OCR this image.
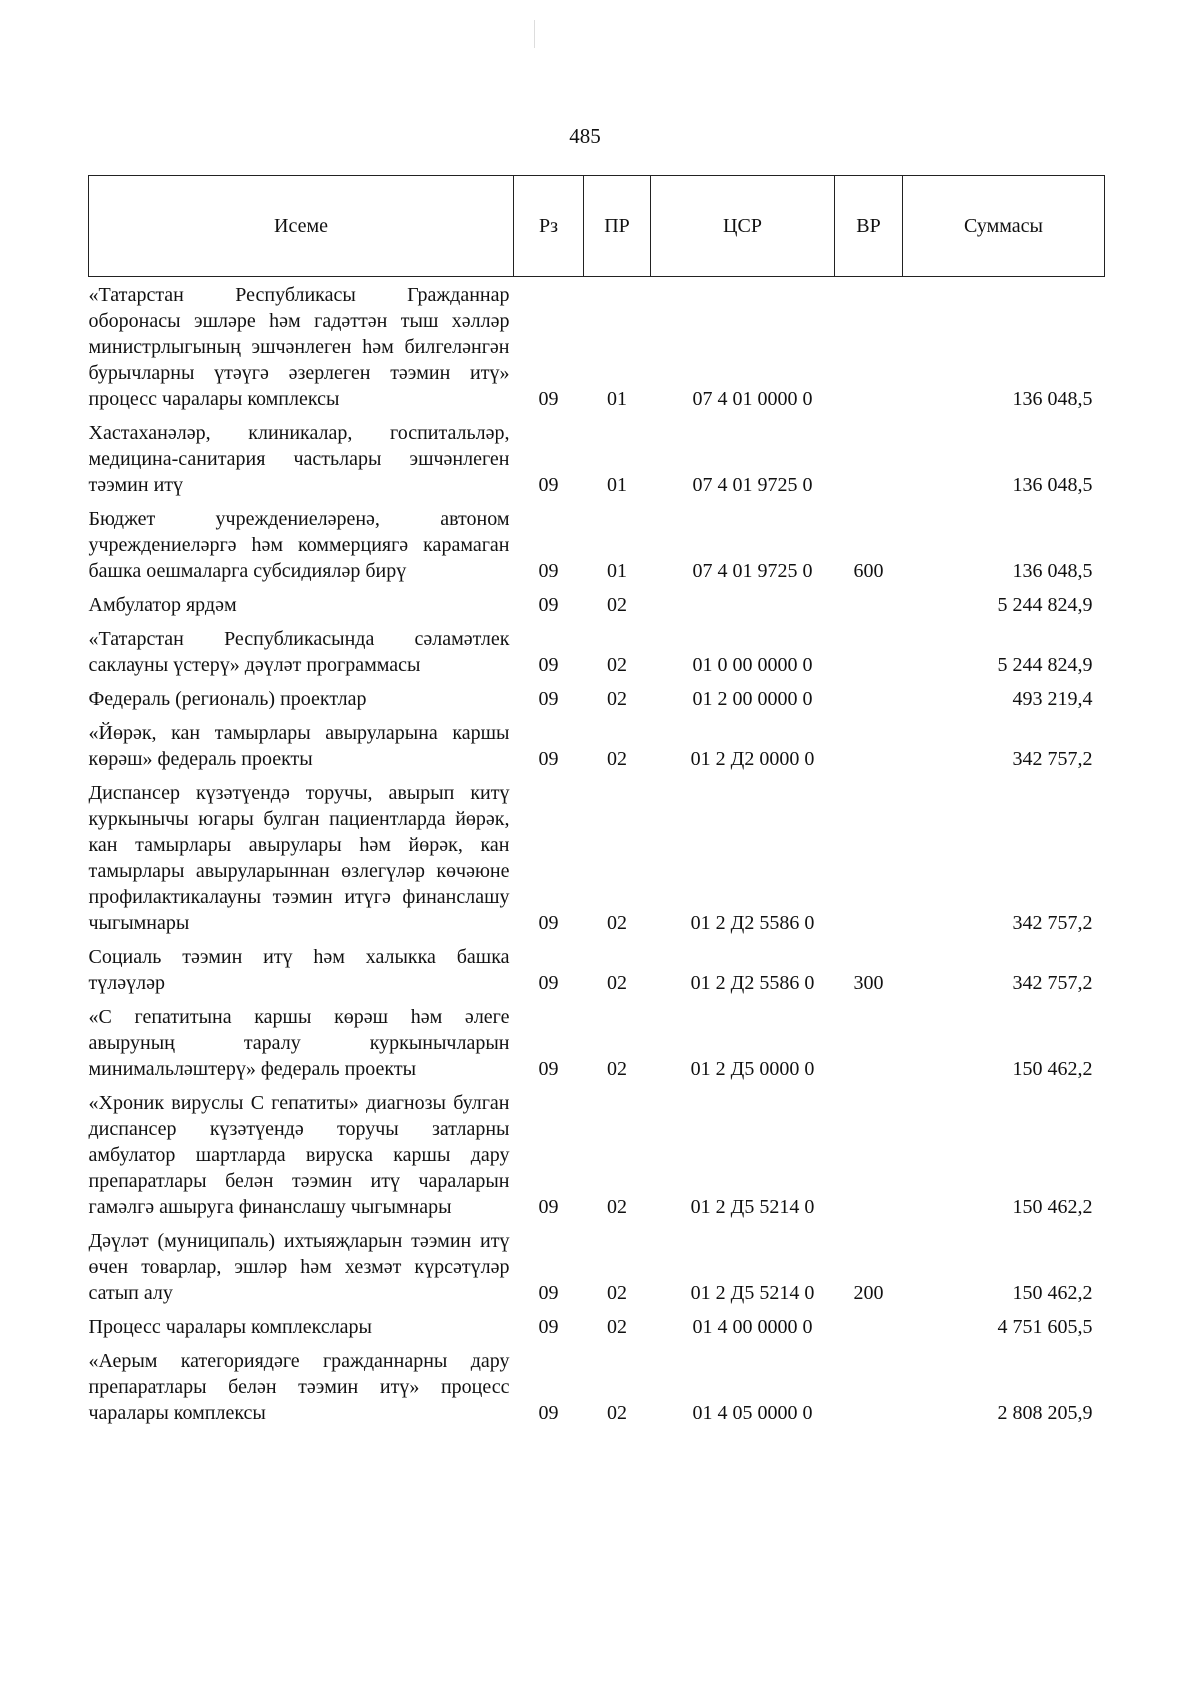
485
Исеме	Рз	ПР	ЦСР	ВР	Суммасы
«Татарстан Республикасы Гражданнар оборонасы эшләре һәм гадәттән тыш хәлләр министрлыгының эшчәнлеген һәм билгеләнгән бурычларны үтәүгә әзерлеген тәэмин итү» процесс чаралары комплексы	09	01	07 4 01 0000 0		136 048,5
Хастаханәләр, клиникалар, госпитальләр, медицина-санитария частьлары эшчәнлеген тәэмин итү	09	01	07 4 01 9725 0		136 048,5
Бюджет учреждениеләренә, автоном учреждениеләргә һәм коммерциягә карамаган башка оешмаларга субсидияләр бирү	09	01	07 4 01 9725 0	600	136 048,5
Амбулатор ярдәм	09	02			5 244 824,9
«Татарстан Республикасында сәламәтлек саклауны үстерү» дәүләт программасы	09	02	01 0 00 0000 0		5 244 824,9
Федераль (региональ) проектлар	09	02	01 2 00 0000 0		493 219,4
«Йөрәк, кан тамырлары авыруларына каршы көрәш» федераль проекты	09	02	01 2 Д2 0000 0		342 757,2
Диспансер күзәтүендә торучы, авырып китү куркынычы югары булган пациентларда йөрәк, кан тамырлары авырулары һәм йөрәк, кан тамырлары авыруларыннан өзлегүләр көчәюне профилактикалауны тәэмин итүгә финанслашу чыгымнары	09	02	01 2 Д2 5586 0		342 757,2
Социаль тәэмин итү һәм халыкка башка түләүләр	09	02	01 2 Д2 5586 0	300	342 757,2
«С гепатитына каршы көрәш һәм әлеге авыруның таралу куркынычларын минимальләштерү» федераль проекты	09	02	01 2 Д5 0000 0		150 462,2
«Хроник вируслы С гепатиты» диагнозы булган диспансер күзәтүендә торучы затларны амбулатор шартларда вируска каршы дару препаратлары белән тәэмин итү чараларын гамәлгә ашыруга финанслашу чыгымнары	09	02	01 2 Д5 5214 0		150 462,2
Дәүләт (муниципаль) ихтыяҗларын тәэмин итү өчен товарлар, эшләр һәм хезмәт күрсәтүләр сатып алу	09	02	01 2 Д5 5214 0	200	150 462,2
Процесс чаралары комплекслары	09	02	01 4 00 0000 0		4 751 605,5
«Аерым категориядәге гражданнарны дару препаратлары белән тәэмин итү» процесс чаралары комплексы	09	02	01 4 05 0000 0		2 808 205,9
